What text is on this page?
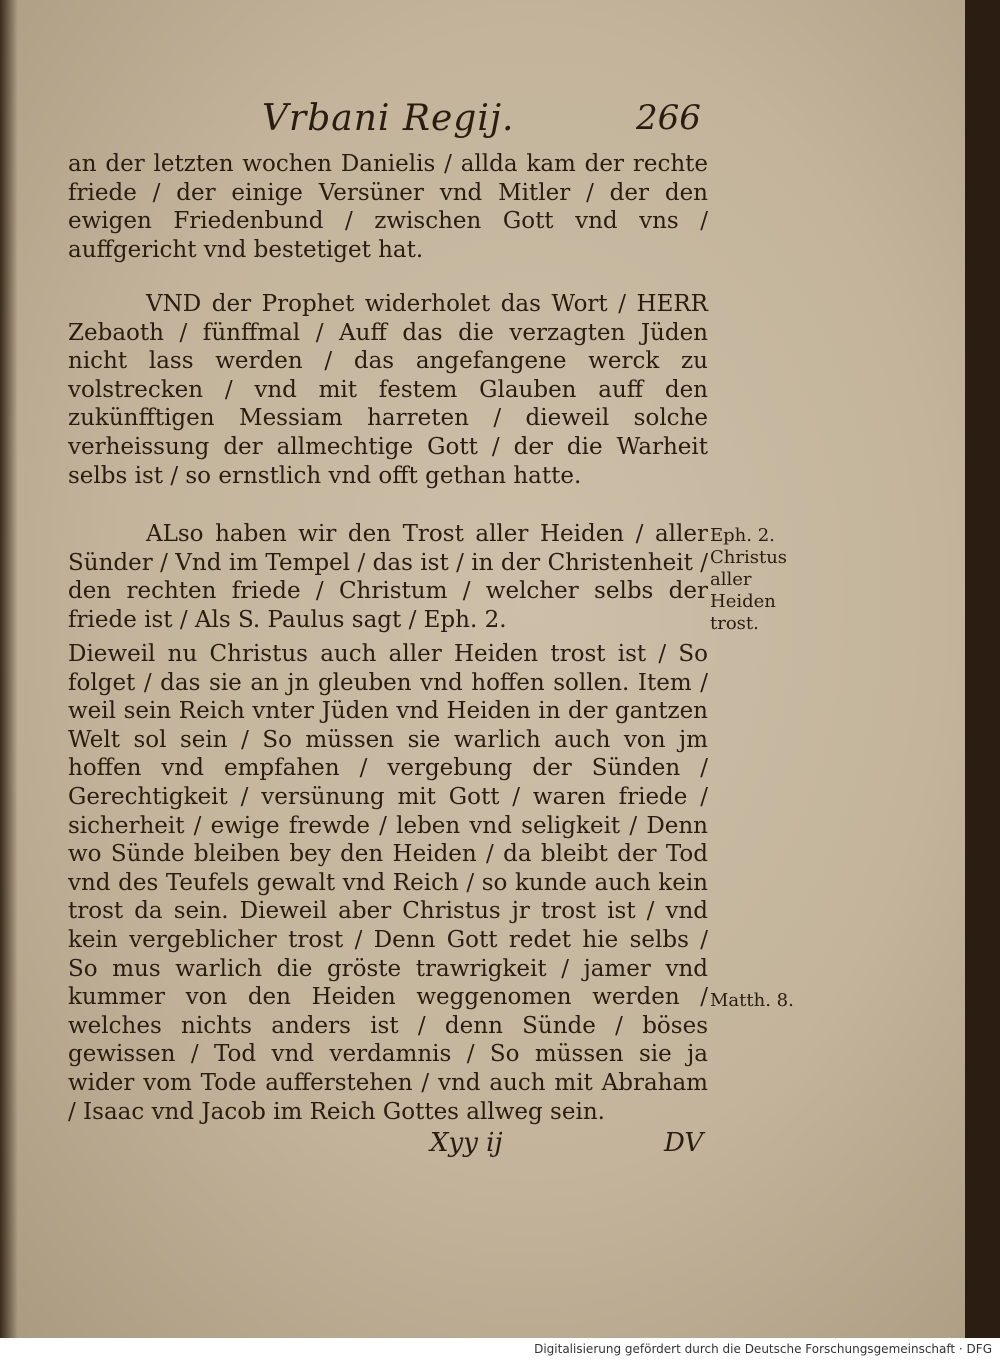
Vrbani Regij.	266

an der letzten wochen Danielis / allda kam der rechte friede / der einige Versüner vnd Mitler / der den ewigen Friedenbund / zwischen Gott vnd vns / auffgericht vnd bestetiget hat.

VND der Prophet widerholet das Wort / HERR Zebaoth / fünffmal / Auff das die verzagten Jüden nicht lass werden / das angefangene werck zu volstrecken / vnd mit festem Glauben auff den zukünfftigen Messiam harreten / dieweil solche verheissung der allmechtige Gott / der die Warheit selbs ist / so ernstlich vnd offt gethan hatte.

ALso haben wir den Trost aller Heiden / aller Sünder / Vnd im Tempel / das ist / in der Christenheit / den rechten friede / Christum / welcher selbs der friede ist / Als S. Paulus sagt / Eph. 2.

Dieweil nu Christus auch aller Heiden trost ist / So folget / das sie an jn gleuben vnd hoffen sollen. Item / weil sein Reich vnter Jüden vnd Heiden in der gantzen Welt sol sein / So müssen sie warlich auch von jm hoffen vnd empfahen / vergebung der Sünden / Gerechtigkeit / versünung mit Gott / waren friede / sicherheit / ewige frewde / leben vnd seligkeit / Denn wo Sünde bleiben bey den Heiden / da bleibt der Tod vnd des Teufels gewalt vnd Reich / so kunde auch kein trost da sein. Dieweil aber Christus jr trost ist / vnd kein vergeblicher trost / Denn Gott redet hie selbs / So mus warlich die gröste trawrigkeit / jamer vnd kummer von den Heiden weggenomen werden / welches nichts anders ist / denn Sünde / böses gewissen / Tod vnd verdamnis / So müssen sie ja wider vom Tode aufferstehen / vnd auch mit Abraham / Isaac vnd Jacob im Reich Gottes allweg sein.

Eph. 2. Christus aller Heiden trost.
Matth. 8.
Xyy ij	DV
Digitalisierung gefördert durch die Deutsche Forschungsgemeinschaft · DFG
